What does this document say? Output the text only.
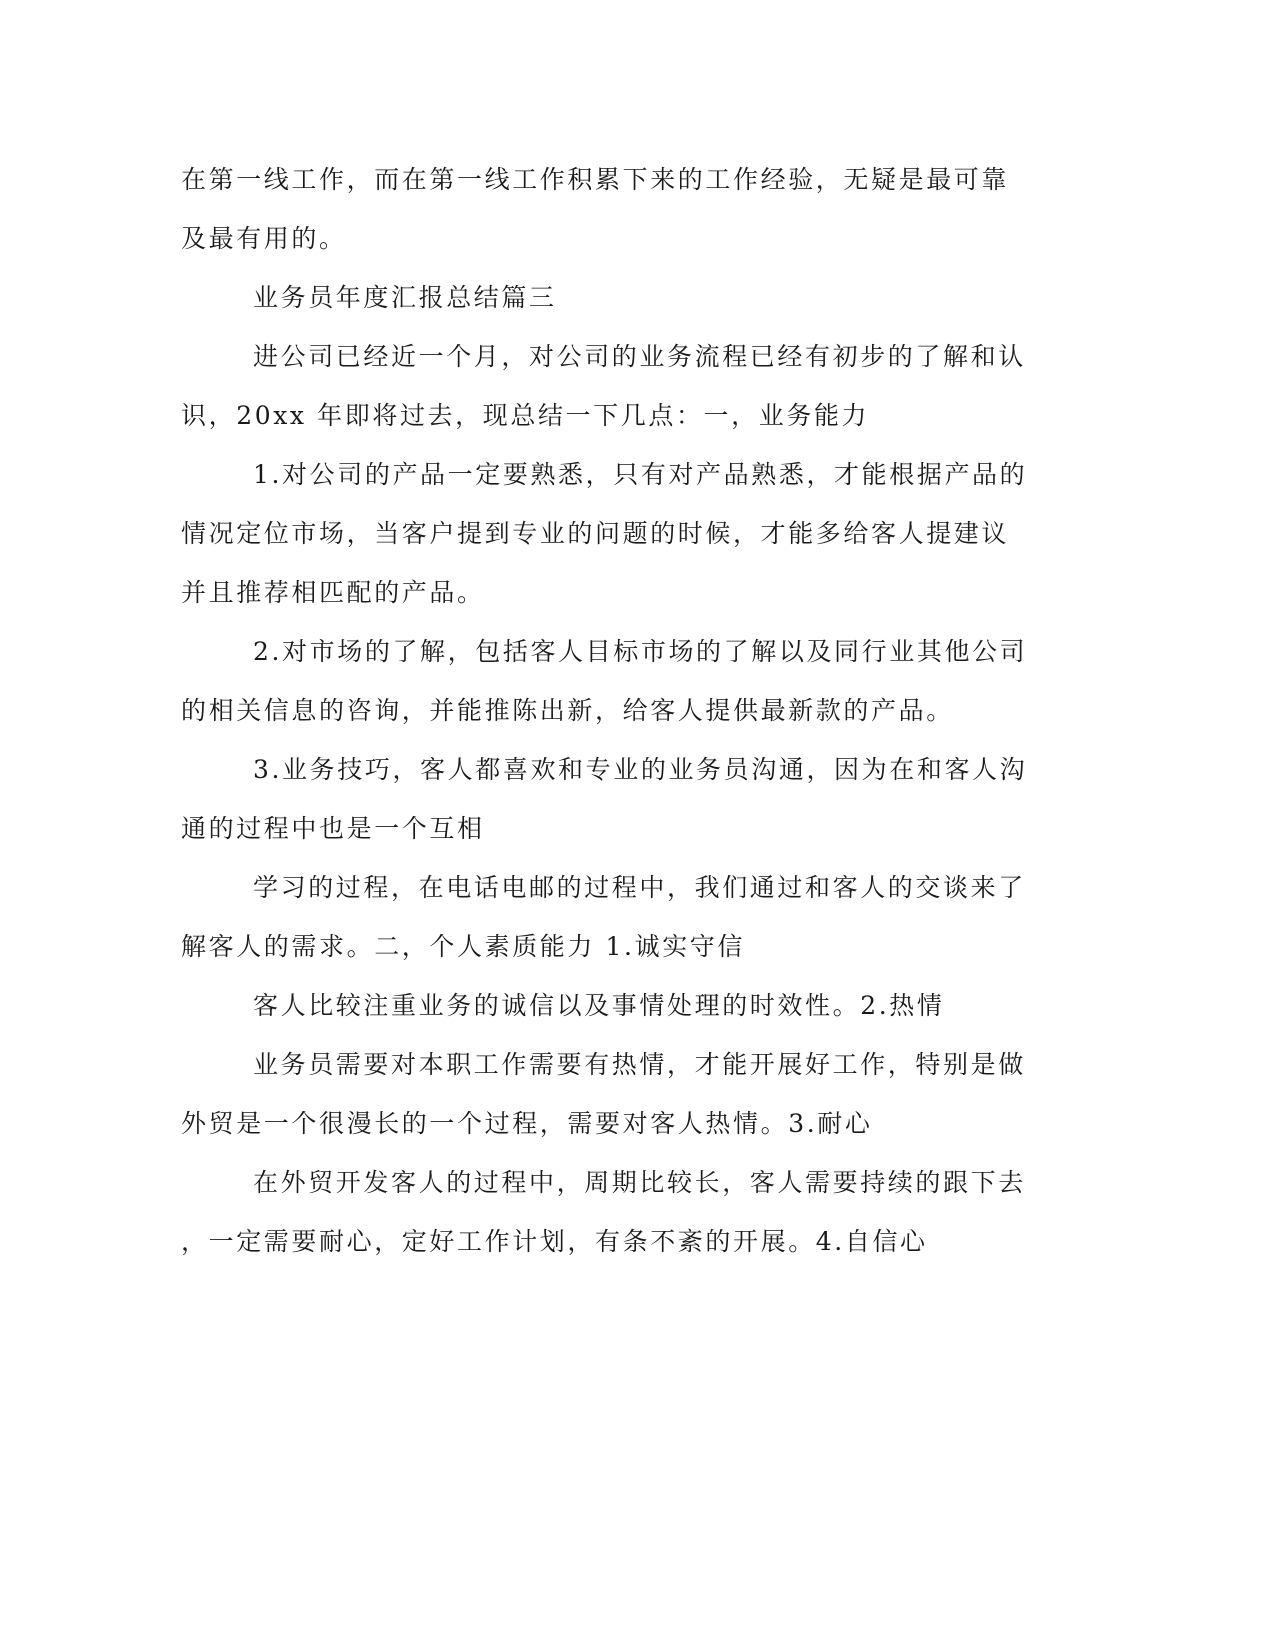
在第一线工作，而在第一线工作积累下来的工作经验，无疑是最可靠

及最有用的。

业务员年度汇报总结篇三

进公司已经近一个月，对公司的业务流程已经有初步的了解和认

识，20xx 年即将过去，现总结一下几点：一，业务能力

1.对公司的产品一定要熟悉，只有对产品熟悉，才能根据产品的

情况定位市场，当客户提到专业的问题的时候，才能多给客人提建议

并且推荐相匹配的产品。

2.对市场的了解，包括客人目标市场的了解以及同行业其他公司

的相关信息的咨询，并能推陈出新，给客人提供最新款的产品。

3.业务技巧，客人都喜欢和专业的业务员沟通，因为在和客人沟

通的过程中也是一个互相

学习的过程，在电话电邮的过程中，我们通过和客人的交谈来了

解客人的需求。二，个人素质能力 1.诚实守信

客人比较注重业务的诚信以及事情处理的时效性。2.热情

业务员需要对本职工作需要有热情，才能开展好工作，特别是做

外贸是一个很漫长的一个过程，需要对客人热情。3.耐心

在外贸开发客人的过程中，周期比较长，客人需要持续的跟下去

，一定需要耐心，定好工作计划，有条不紊的开展。4.自信心
